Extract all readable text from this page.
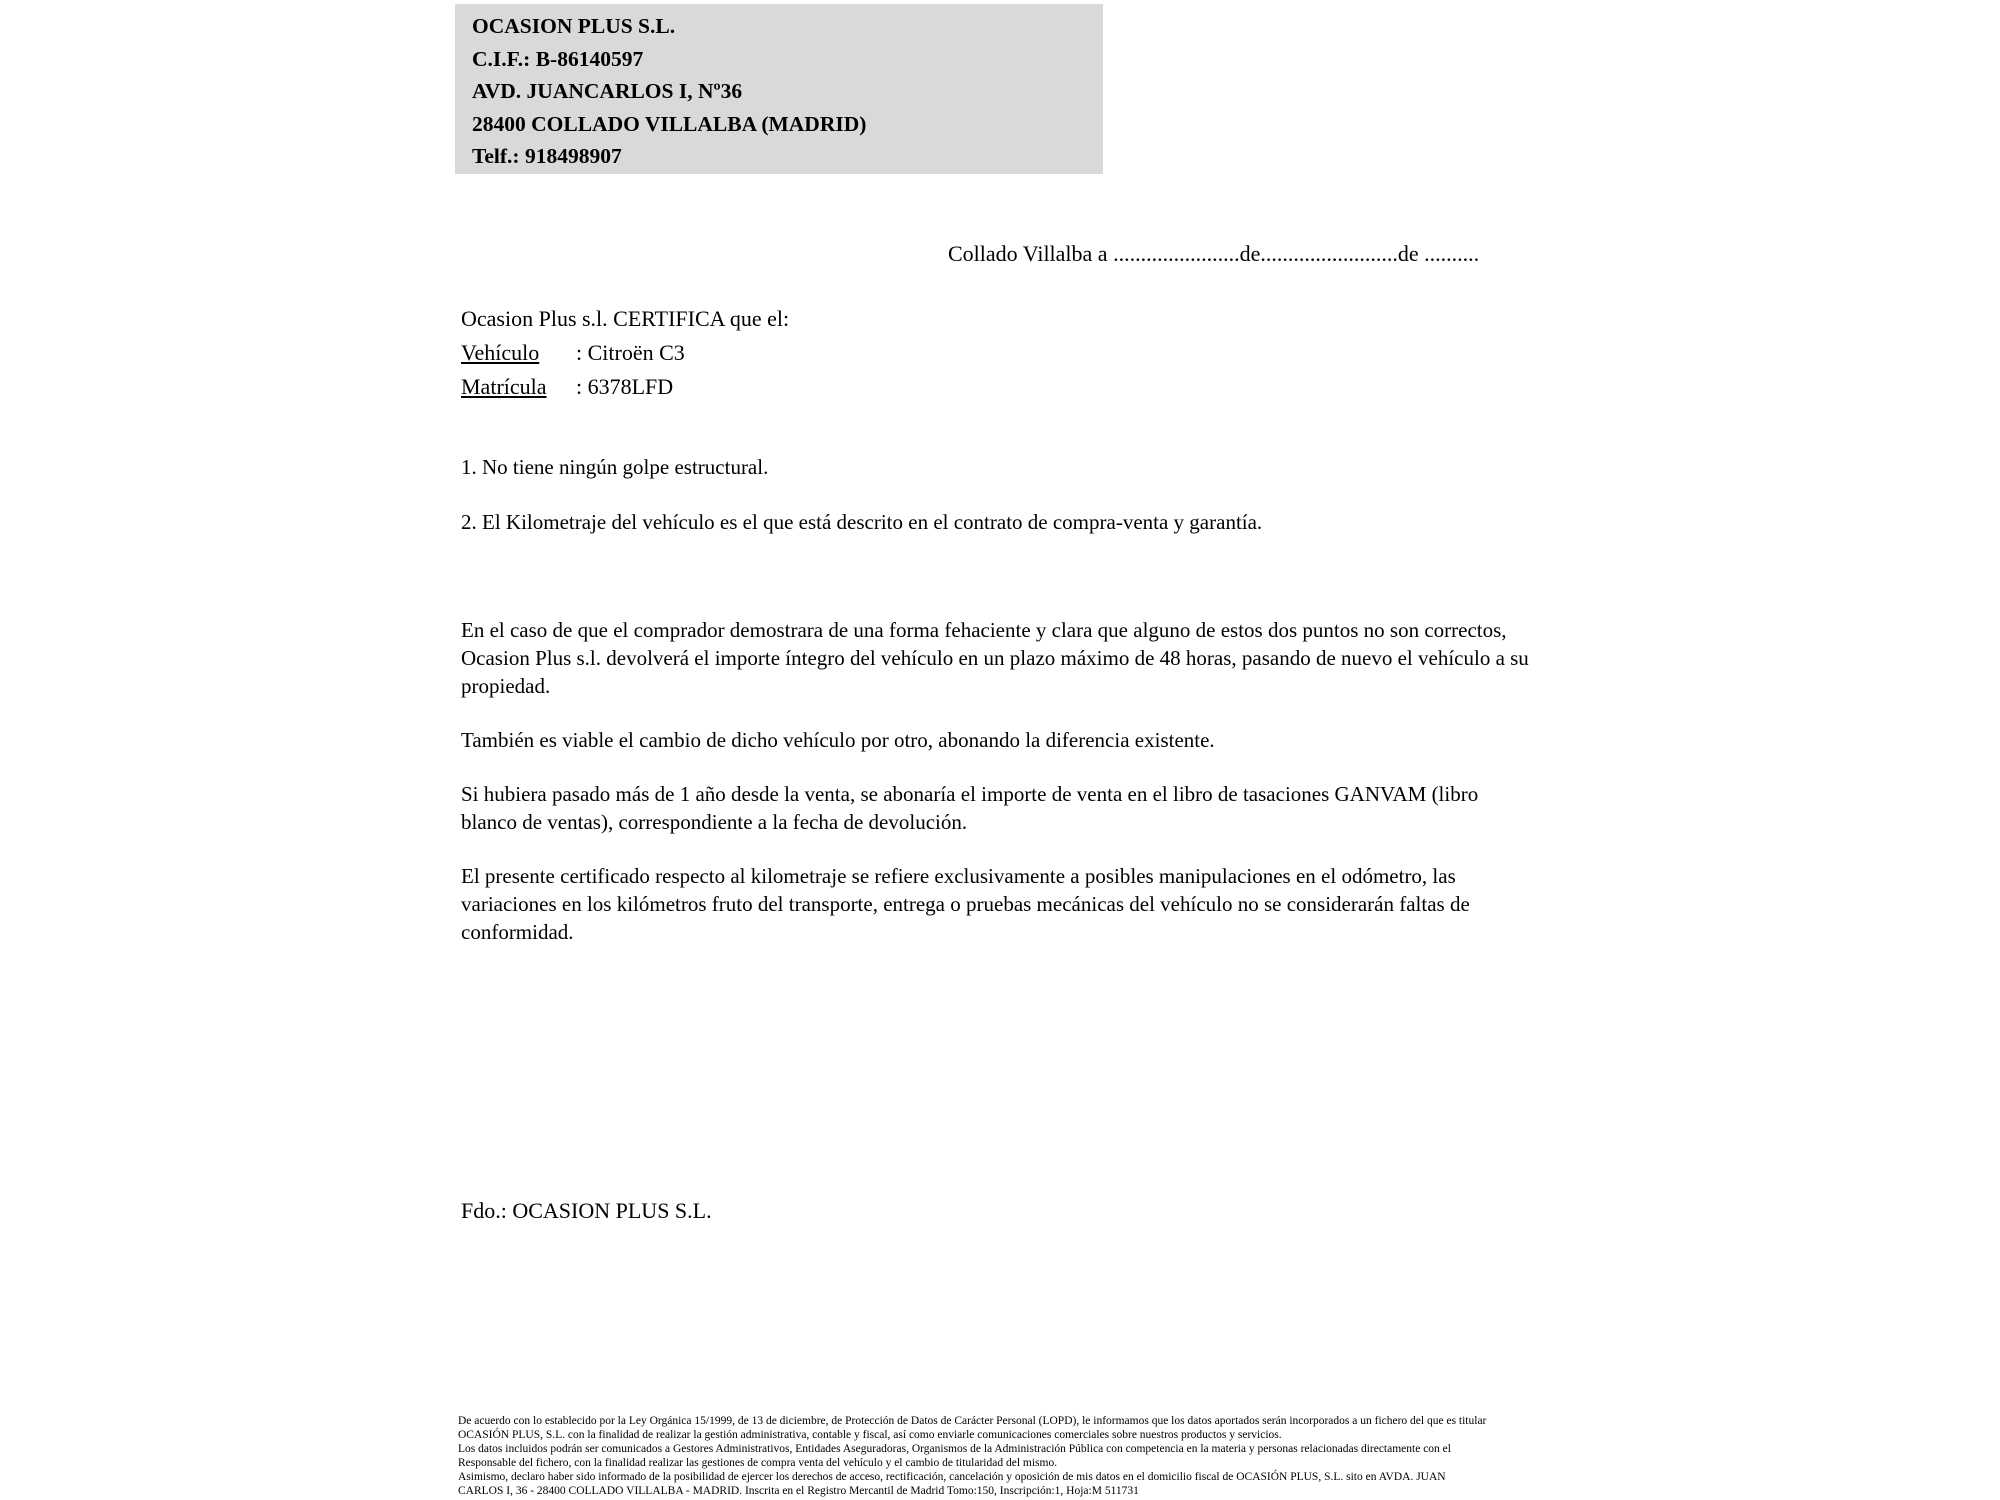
OCASION PLUS S.L.
C.I.F.: B-86140597
AVD. JUANCARLOS I, Nº36
28400 COLLADO VILLALBA (MADRID)
Telf.: 918498907
Collado Villalba a .......................de.........................de ..........
Ocasion Plus s.l. CERTIFICA que el:
Vehículo : Citroën C3
Matrícula : 6378LFD

1. No tiene ningún golpe estructural.

2. El Kilometraje del vehículo es el que está descrito en el contrato de compra-venta y garantía.

En el caso de que el comprador demostrara de una forma fehaciente y clara que alguno de estos dos puntos no son correctos, Ocasion Plus s.l. devolverá el importe íntegro del vehículo en un plazo máximo de 48 horas, pasando de nuevo el vehículo a su propiedad.

También es viable el cambio de dicho vehículo por otro, abonando la diferencia existente.

Si hubiera pasado más de 1 año desde la venta, se abonaría el importe de venta en el libro de tasaciones GANVAM (libro blanco de ventas), correspondiente a la fecha de devolución.

El presente certificado respecto al kilometraje se refiere exclusivamente a posibles manipulaciones en el odómetro, las variaciones en los kilómetros fruto del transporte, entrega o pruebas mecánicas del vehículo no se considerarán faltas de conformidad.

Fdo.: OCASION PLUS S.L.
De acuerdo con lo establecido por la Ley Orgánica 15/1999, de 13 de diciembre, de Protección de Datos de Carácter Personal (LOPD), le informamos que los datos aportados serán incorporados a un fichero del que es titular
OCASIÓN PLUS, S.L. con la finalidad de realizar la gestión administrativa, contable y fiscal, así como enviarle comunicaciones comerciales sobre nuestros productos y servicios.
Los datos incluidos podrán ser comunicados a Gestores Administrativos, Entidades Aseguradoras, Organismos de la Administración Pública con competencia en la materia y personas relacionadas directamente con el
Responsable del fichero, con la finalidad realizar las gestiones de compra venta del vehículo y el cambio de titularidad del mismo.
Asimismo, declaro haber sido informado de la posibilidad de ejercer los derechos de acceso, rectificación, cancelación y oposición de mis datos en el domicilio fiscal de OCASIÓN PLUS, S.L. sito en AVDA. JUAN
CARLOS I, 36 - 28400 COLLADO VILLALBA - MADRID. Inscrita en el Registro Mercantil de Madrid Tomo:150, Inscripción:1, Hoja:M 511731
